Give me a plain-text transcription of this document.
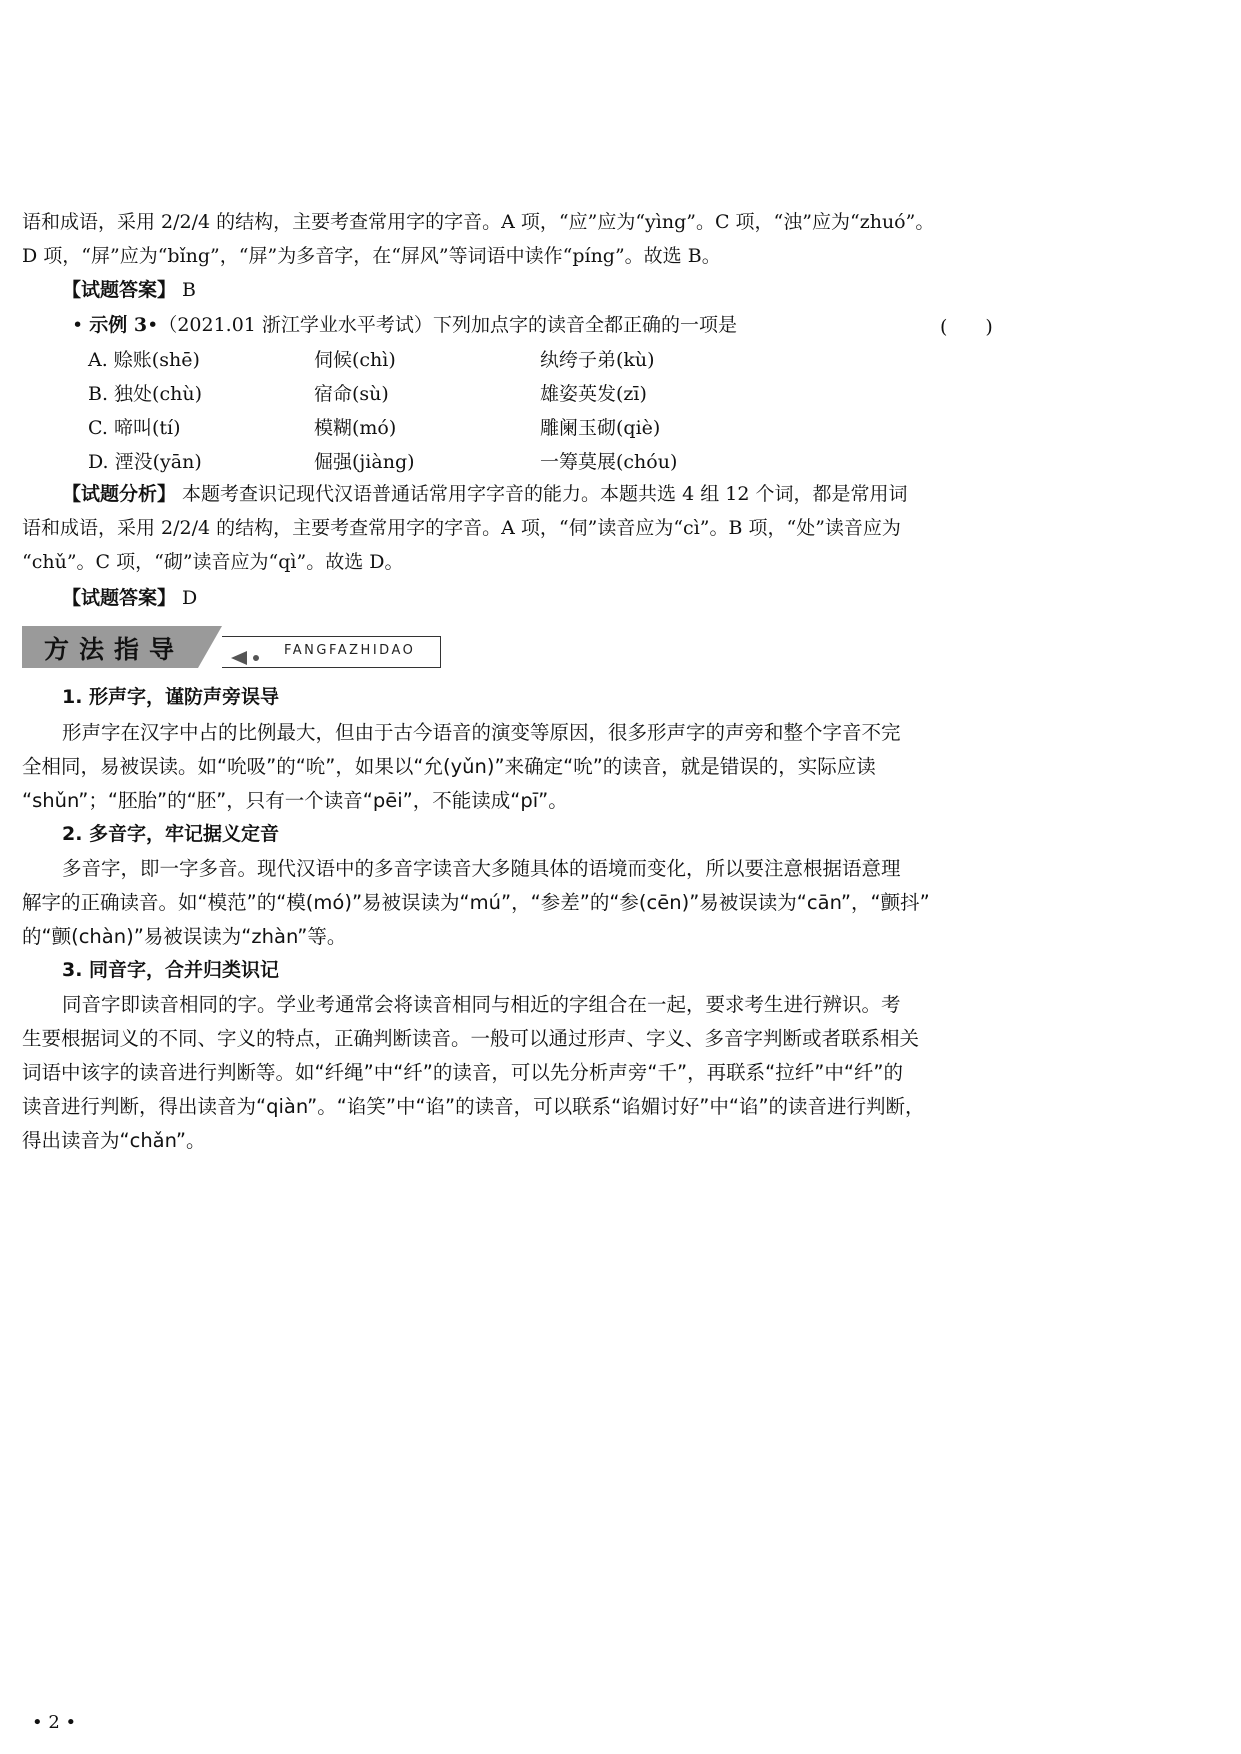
语和成语，采用 2/2/4 的结构，主要考查常用字的字音。A 项，“应”应为“yìng”。C 项，“浊”应为“zhuó”。
D 项，“屏”应为“bǐng”，“屏”为多音字，在“屏风”等词语中读作“píng”。故选 B。
【试题答案】 B
• 示例 3•（2021.01 浙江学业水平考试）下列加点字的读音全都正确的一项是	(　　)
A. 赊账(shē)	伺候(chì)	纨绔子弟(kù)
B. 独处(chù)	宿命(sù)	雄姿英发(zī)
C. 啼叫(tí)	模糊(mó)	雕阑玉砌(qiè)
D. 湮没(yān)	倔强(jiàng)	一筹莫展(chóu)
【试题分析】 本题考查识记现代汉语普通话常用字字音的能力。本题共选 4 组 12 个词，都是常用词
语和成语，采用 2/2/4 的结构，主要考查常用字的字音。A 项，“伺”读音应为“cì”。B 项，“处”读音应为
“chǔ”。C 项，“砌”读音应为“qì”。故选 D。
【试题答案】 D
方法指导	FANGFAZHIDAO
1. 形声字，谨防声旁误导
形声字在汉字中占的比例最大，但由于古今语音的演变等原因，很多形声字的声旁和整个字音不完
全相同，易被误读。如“吮吸”的“吮”，如果以“允(yǔn)”来确定“吮”的读音，就是错误的，实际应读
“shǔn”；“胚胎”的“胚”，只有一个读音“pēi”，不能读成“pī”。
2. 多音字，牢记据义定音
多音字，即一字多音。现代汉语中的多音字读音大多随具体的语境而变化，所以要注意根据语意理
解字的正确读音。如“模范”的“模(mó)”易被误读为“mú”，“参差”的“参(cēn)”易被误读为“cān”，“颤抖”
的“颤(chàn)”易被误读为“zhàn”等。
3. 同音字，合并归类识记
同音字即读音相同的字。学业考通常会将读音相同与相近的字组合在一起，要求考生进行辨识。考
生要根据词义的不同、字义的特点，正确判断读音。一般可以通过形声、字义、多音字判断或者联系相关
词语中该字的读音进行判断等。如“纤绳”中“纤”的读音，可以先分析声旁“千”，再联系“拉纤”中“纤”的
读音进行判断，得出读音为“qiàn”。“谄笑”中“谄”的读音，可以联系“谄媚讨好”中“谄”的读音进行判断，
得出读音为“chǎn”。
• 2 •
